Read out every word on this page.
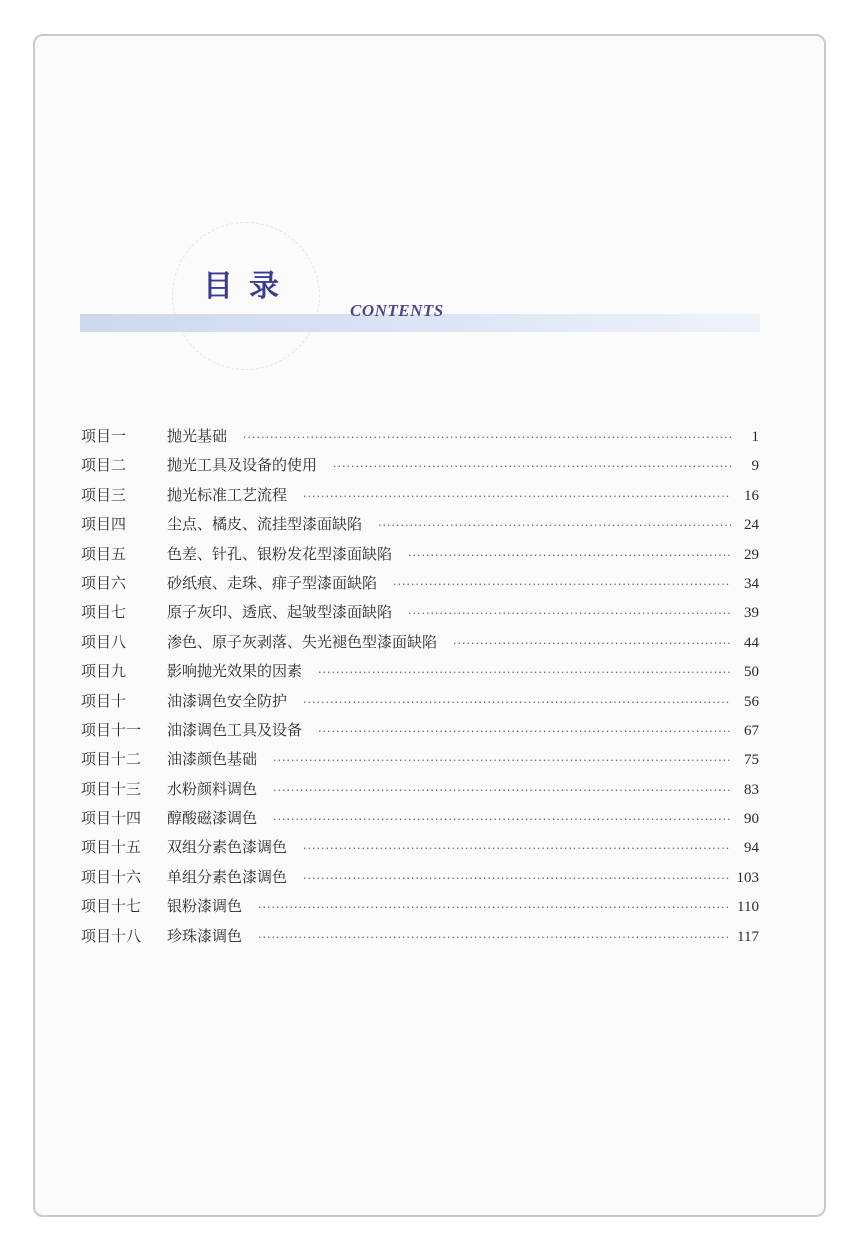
目录
CONTENTS
项目一	抛光基础 ·····	1
项目二	抛光工具及设备的使用 ·····	9
项目三	抛光标准工艺流程 ·····	16
项目四	尘点、橘皮、流挂型漆面缺陷 ·····	24
项目五	色差、针孔、银粉发花型漆面缺陷 ·····	29
项目六	砂纸痕、走珠、痱子型漆面缺陷 ·····	34
项目七	原子灰印、透底、起皱型漆面缺陷 ·····	39
项目八	渗色、原子灰剥落、失光褪色型漆面缺陷 ·····	44
项目九	影响抛光效果的因素 ·····	50
项目十	油漆调色安全防护 ·····	56
项目十一	油漆调色工具及设备 ·····	67
项目十二	油漆颜色基础 ·····	75
项目十三	水粉颜料调色 ·····	83
项目十四	醇酸磁漆调色 ·····	90
项目十五	双组分素色漆调色 ·····	94
项目十六	单组分素色漆调色 ·····	103
项目十七	银粉漆调色 ·····	110
项目十八	珍珠漆调色 ·····	117
